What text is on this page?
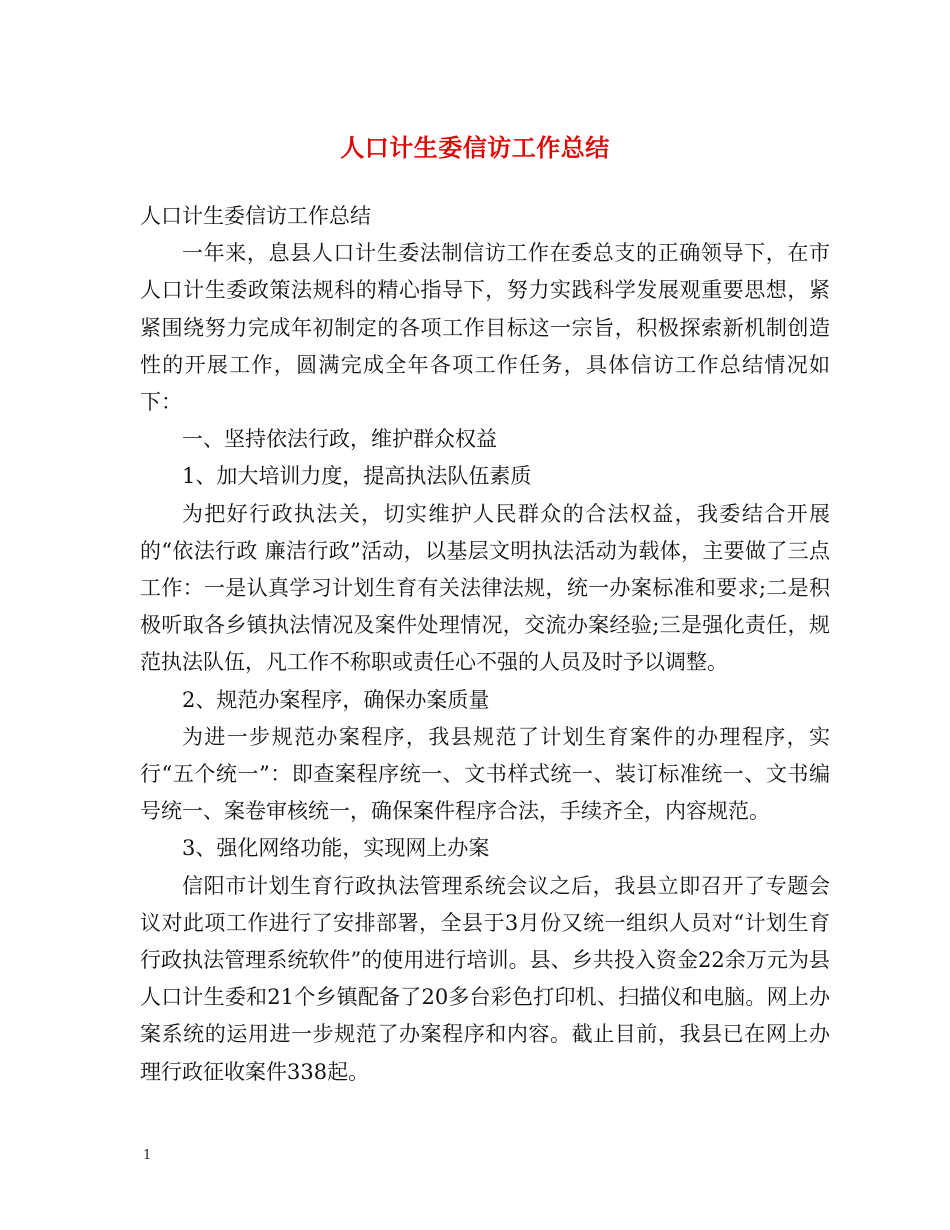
人口计生委信访工作总结

人口计生委信访工作总结

一年来，息县人口计生委法制信访工作在委总支的正确领导下，在市人口计生委政策法规科的精心指导下，努力实践科学发展观重要思想，紧紧围绕努力完成年初制定的各项工作目标这一宗旨，积极探索新机制创造性的开展工作，圆满完成全年各项工作任务，具体信访工作总结情况如下：

一、坚持依法行政，维护群众权益

1、加大培训力度，提高执法队伍素质

为把好行政执法关，切实维护人民群众的合法权益，我委结合开展的“依法行政 廉洁行政”活动，以基层文明执法活动为载体，主要做了三点工作：一是认真学习计划生育有关法律法规，统一办案标准和要求;二是积极听取各乡镇执法情况及案件处理情况，交流办案经验;三是强化责任，规范执法队伍，凡工作不称职或责任心不强的人员及时予以调整。

2、规范办案程序，确保办案质量

为进一步规范办案程序，我县规范了计划生育案件的办理程序，实行“五个统一”：即查案程序统一、文书样式统一、装订标准统一、文书编号统一、案卷审核统一，确保案件程序合法，手续齐全，内容规范。

3、强化网络功能，实现网上办案

信阳市计划生育行政执法管理系统会议之后，我县立即召开了专题会议对此项工作进行了安排部署，全县于3月份又统一组织人员对“计划生育行政执法管理系统软件”的使用进行培训。县、乡共投入资金22余万元为县人口计生委和21个乡镇配备了20多台彩色打印机、扫描仪和电脑。网上办案系统的运用进一步规范了办案程序和内容。截止目前，我县已在网上办理行政征收案件338起。

1
